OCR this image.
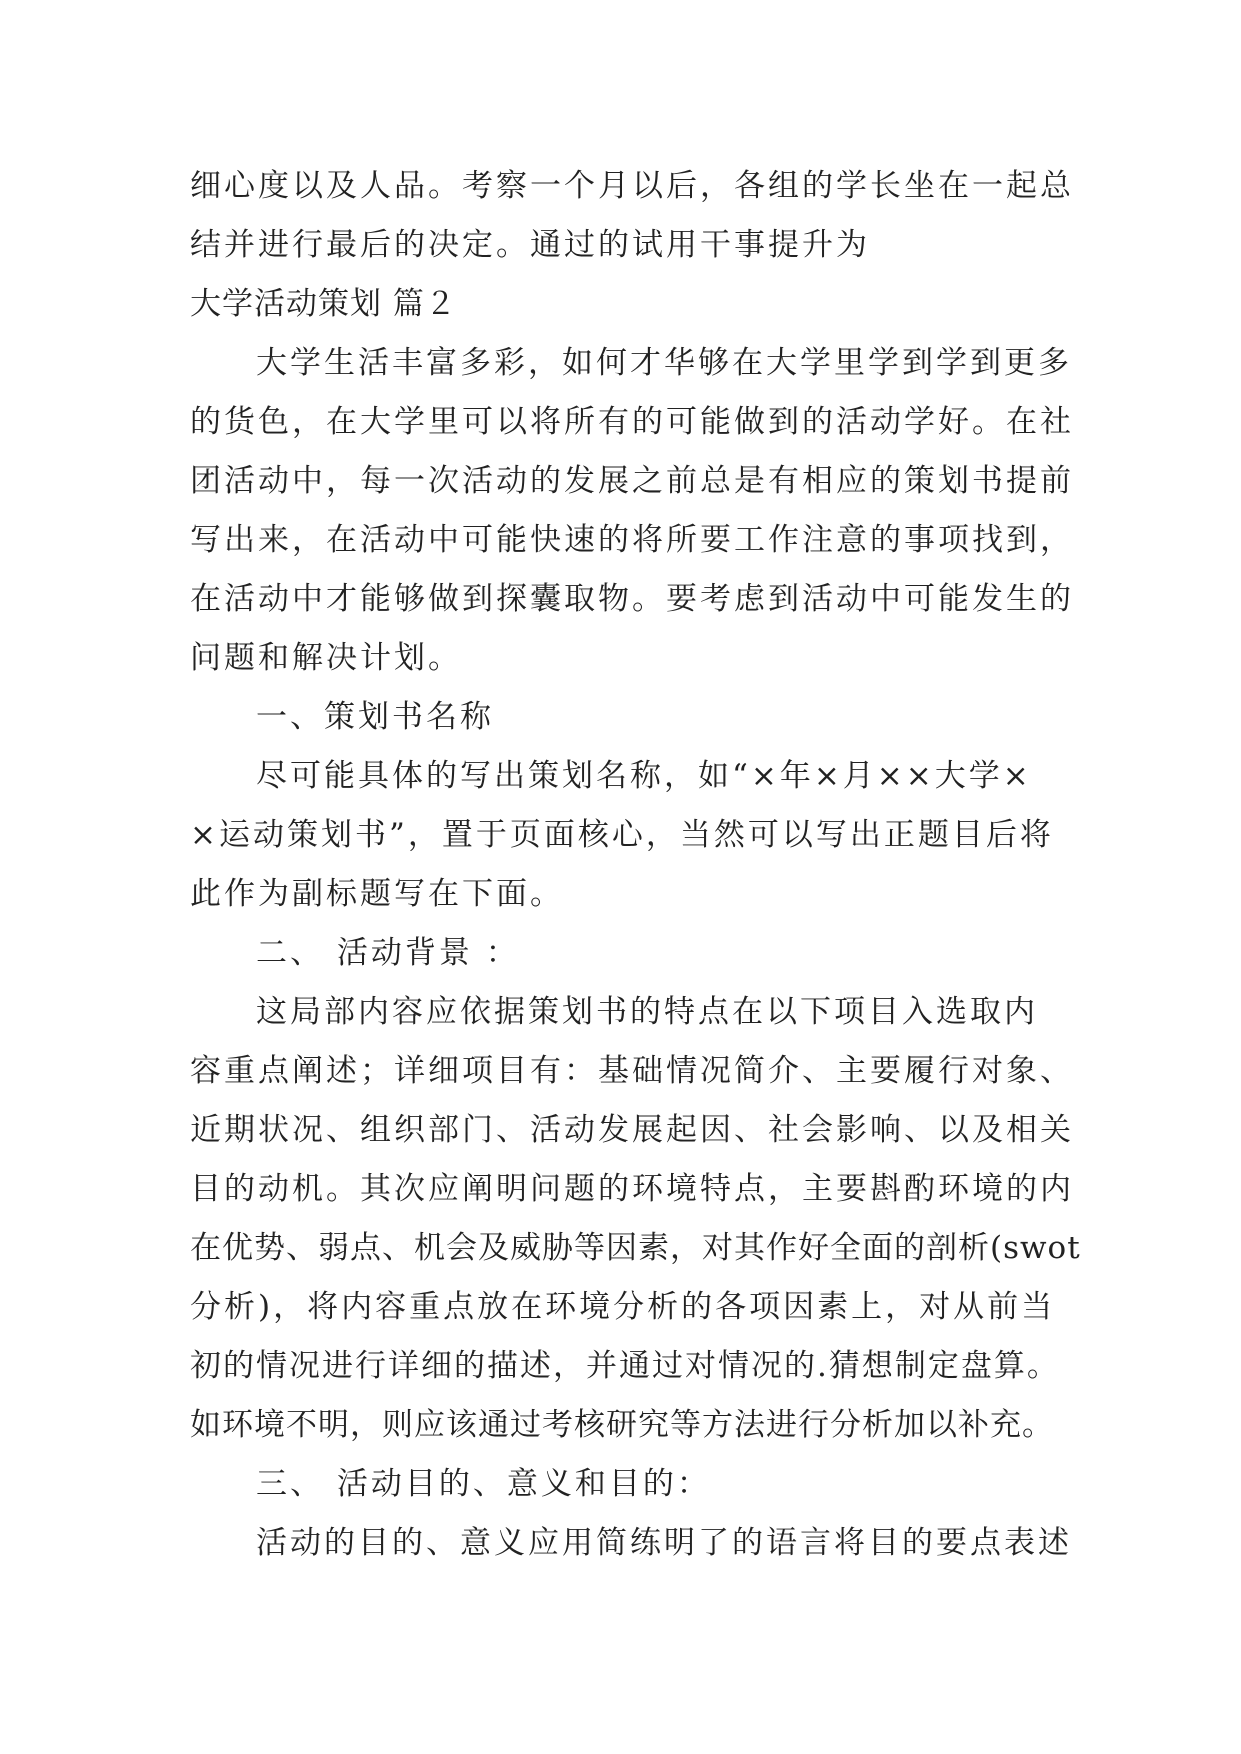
细心度以及人品。考察一个月以后，各组的学长坐在一起总
结并进行最后的决定。通过的试用干事提升为
大学活动策划 篇２
大学生活丰富多彩，如何才华够在大学里学到学到更多
的货色，在大学里可以将所有的可能做到的活动学好。在社
团活动中，每一次活动的发展之前总是有相应的策划书提前
写出来，在活动中可能快速的将所要工作注意的事项找到，
在活动中才能够做到探囊取物。要考虑到活动中可能发生的
问题和解决计划。
一、策划书名称
尽可能具体的写出策划名称，如“×年×月××大学×
×运动策划书”，置于页面核心，当然可以写出正题目后将
此作为副标题写在下面。
二、 活动背景 ：
这局部内容应依据策划书的特点在以下项目入选取内
容重点阐述；详细项目有：基础情况简介、主要履行对象、
近期状况、组织部门、活动发展起因、社会影响、以及相关
目的动机。其次应阐明问题的环境特点，主要斟酌环境的内
在优势、弱点、机会及威胁等因素，对其作好全面的剖析(swot
分析)，将内容重点放在环境分析的各项因素上，对从前当
初的情况进行详细的描述，并通过对情况的.猜想制定盘算。
如环境不明，则应该通过考核研究等方法进行分析加以补充。
三、 活动目的、意义和目的：
活动的目的、意义应用简练明了的语言将目的要点表述
